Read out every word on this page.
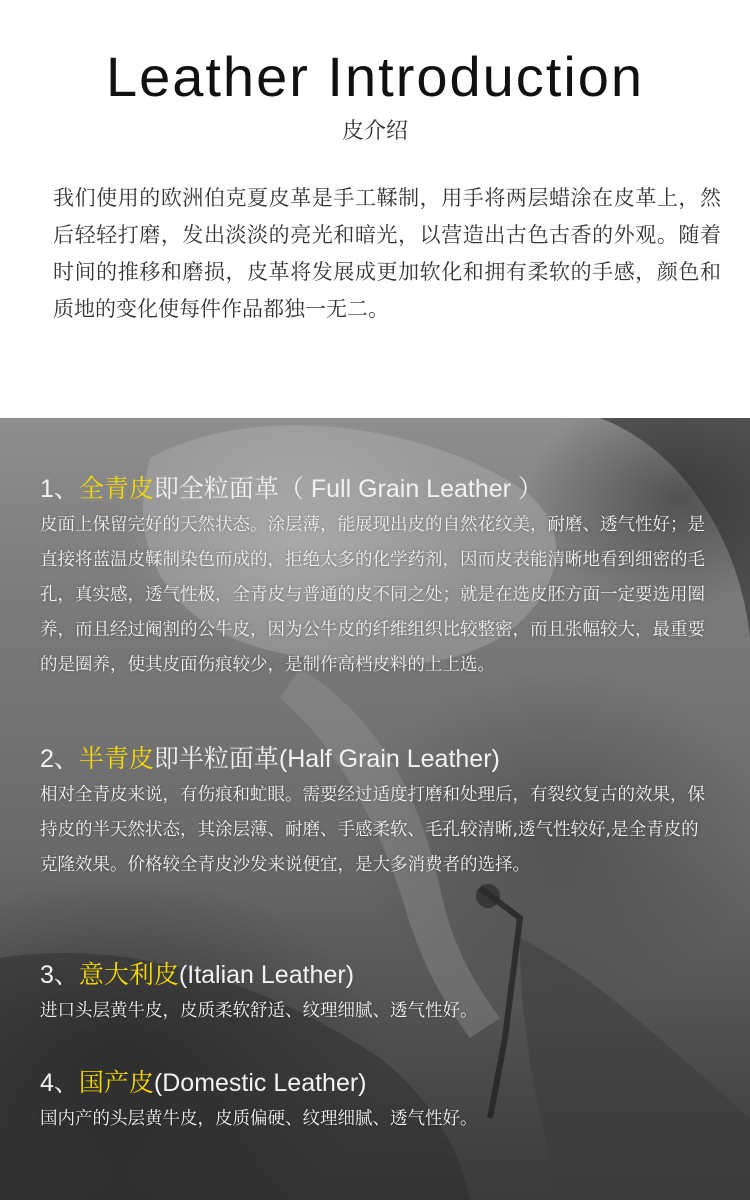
Leather Introduction
皮介绍
我们使用的欧洲伯克夏皮革是手工鞣制，用手将两层蜡涂在皮革上，然后轻轻打磨，发出淡淡的亮光和暗光，以营造出古色古香的外观。随着时间的推移和磨损，皮革将发展成更加软化和拥有柔软的手感，颜色和质地的变化使每件作品都独一无二。
1、全青皮即全粒面革（ Full Grain Leather ）
皮面上保留完好的天然状态。涂层薄，能展现出皮的自然花纹美，耐磨、透气性好；是直接将蓝温皮鞣制染色而成的，拒绝太多的化学药剂，因而皮表能清晰地看到细密的毛孔，真实感，透气性极，全青皮与普通的皮不同之处；就是在选皮胚方面一定要选用圈养，而且经过阉割的公牛皮，因为公牛皮的纤维组织比较整密，而且张幅较大，最重要的是圈养，使其皮面伤痕较少，是制作高档皮料的上上选。
2、半青皮即半粒面革(Half Grain Leather)
相对全青皮来说，有伤痕和虻眼。需要经过适度打磨和处理后，有裂纹复古的效果，保持皮的半天然状态，其涂层薄、耐磨、手感柔软、毛孔较清晰,透气性较好,是全青皮的克隆效果。价格较全青皮沙发来说便宜，是大多消费者的选择。
3、意大利皮(Italian Leather)
进口头层黄牛皮，皮质柔软舒适、纹理细腻、透气性好。
4、国产皮(Domestic Leather)
国内产的头层黄牛皮，皮质偏硬、纹理细腻、透气性好。
